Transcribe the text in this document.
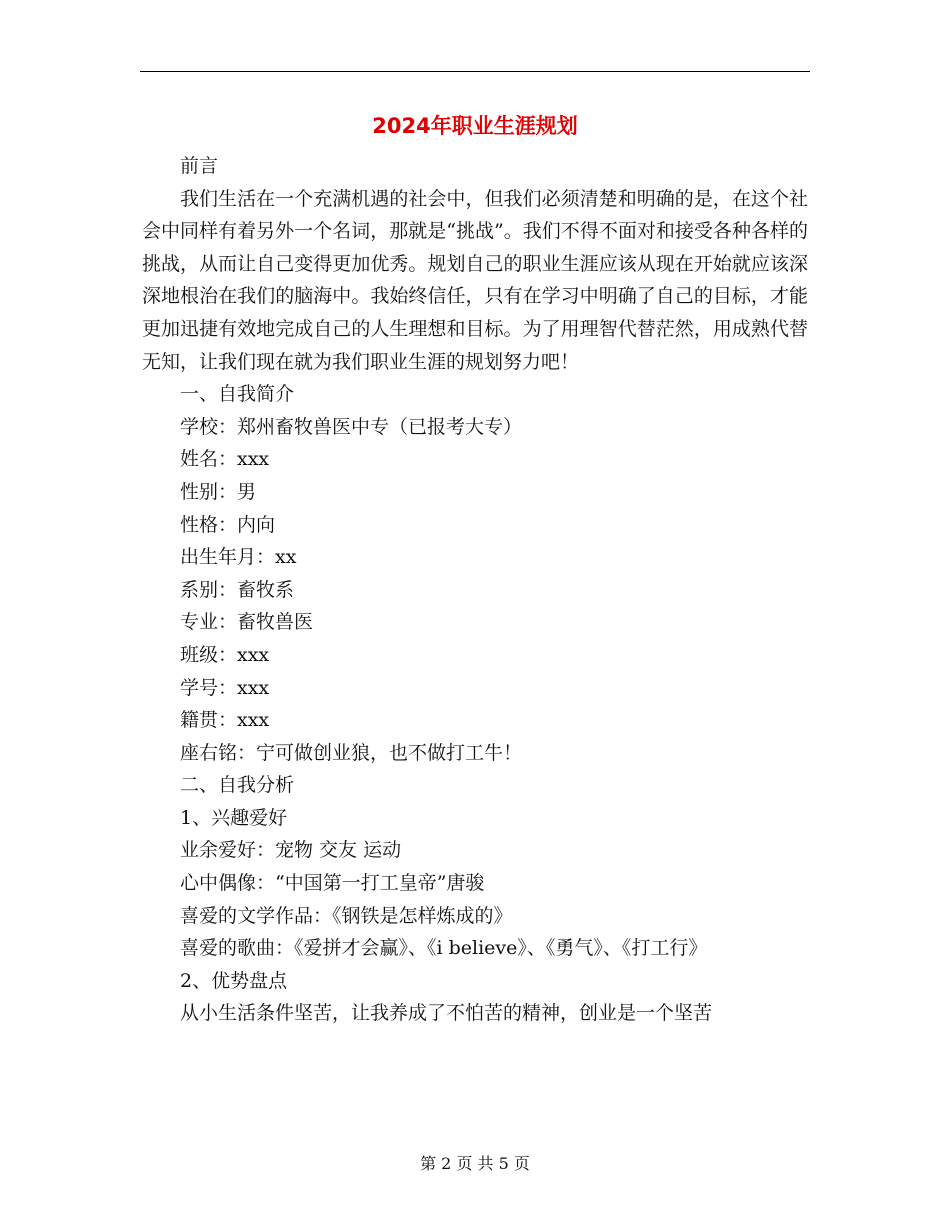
2024年职业生涯规划

前言

我们生活在一个充满机遇的社会中，但我们必须清楚和明确的是，在这个社会中同样有着另外一个名词，那就是“挑战”。我们不得不面对和接受各种各样的挑战，从而让自己变得更加优秀。规划自己的职业生涯应该从现在开始就应该深深地根治在我们的脑海中。我始终信任，只有在学习中明确了自己的目标，才能更加迅捷有效地完成自己的人生理想和目标。为了用理智代替茫然，用成熟代替无知，让我们现在就为我们职业生涯的规划努力吧！

一、自我简介

学校：郑州畜牧兽医中专（已报考大专）

姓名：xxx

性别：男

性格：内向

出生年月：xx

系别：畜牧系

专业：畜牧兽医

班级：xxx

学号：xxx

籍贯：xxx

座右铭：宁可做创业狼，也不做打工牛！

二、自我分析

1、兴趣爱好

业余爱好：宠物 交友 运动

心中偶像：“中国第一打工皇帝”唐骏

喜爱的文学作品：《钢铁是怎样炼成的》

喜爱的歌曲：《爱拼才会赢》、《i believe》、《勇气》、《打工行》

2、优势盘点

从小生活条件坚苦，让我养成了不怕苦的精神，创业是一个坚苦

第 2 页 共 5 页
